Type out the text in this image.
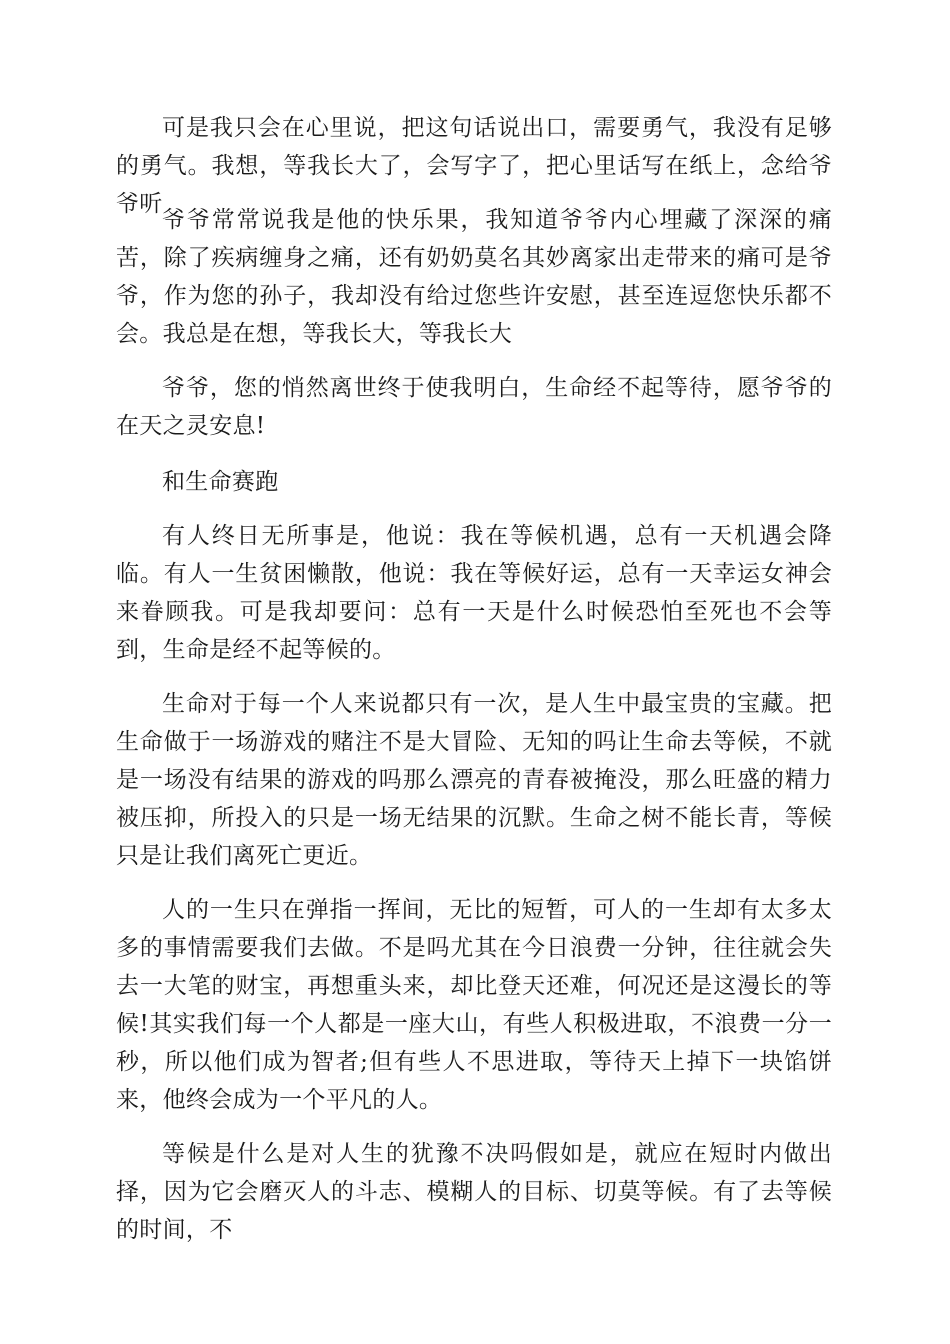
可是我只会在心里说，把这句话说出口，需要勇气，我没有足够的勇气。我想，等我长大了，会写字了，把心里话写在纸上，念给爷爷听

爷爷常常说我是他的快乐果，我知道爷爷内心埋藏了深深的痛苦，除了疾病缠身之痛，还有奶奶莫名其妙离家出走带来的痛可是爷爷，作为您的孙子，我却没有给过您些许安慰，甚至连逗您快乐都不会。我总是在想，等我长大，等我长大

爷爷，您的悄然离世终于使我明白，生命经不起等待，愿爷爷的在天之灵安息!

和生命赛跑

有人终日无所事是，他说：我在等候机遇，总有一天机遇会降临。有人一生贫困懒散，他说：我在等候好运，总有一天幸运女神会来眷顾我。可是我却要问：总有一天是什么时候恐怕至死也不会等到，生命是经不起等候的。

生命对于每一个人来说都只有一次，是人生中最宝贵的宝藏。把生命做于一场游戏的赌注不是大冒险、无知的吗让生命去等候，不就是一场没有结果的游戏的吗那么漂亮的青春被掩没，那么旺盛的精力被压抑，所投入的只是一场无结果的沉默。生命之树不能长青，等候只是让我们离死亡更近。

人的一生只在弹指一挥间，无比的短暂，可人的一生却有太多太多的事情需要我们去做。不是吗尤其在今日浪费一分钟，往往就会失去一大笔的财宝，再想重头来，却比登天还难，何况还是这漫长的等候!其实我们每一个人都是一座大山，有些人积极进取，不浪费一分一秒，所以他们成为智者;但有些人不思进取，等待天上掉下一块馅饼来，他终会成为一个平凡的人。

等候是什么是对人生的犹豫不决吗假如是，就应在短时内做出择，因为它会磨灭人的斗志、模糊人的目标、切莫等候。有了去等候的时间，不
